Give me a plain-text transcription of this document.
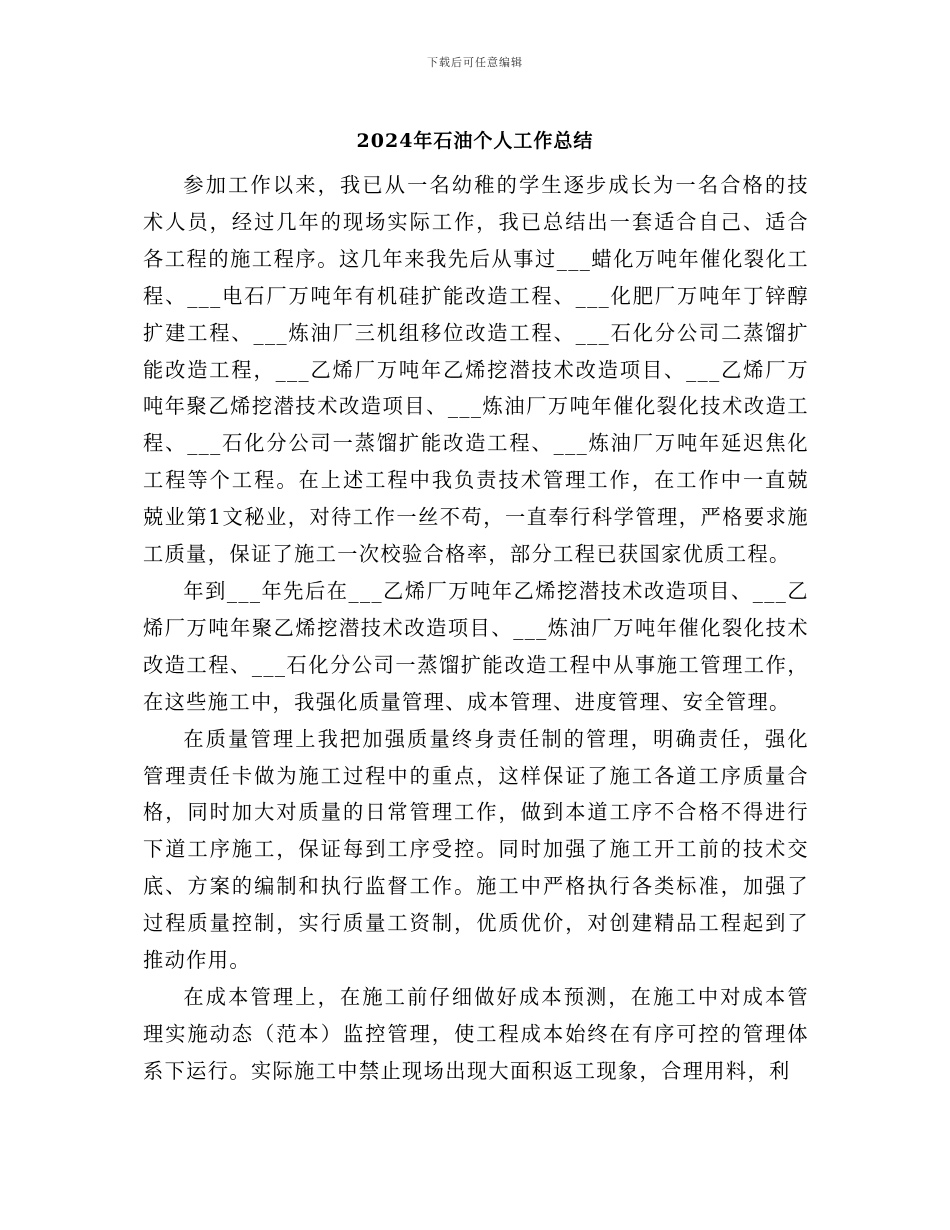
下载后可任意编辑
2024年石油个人工作总结

参加工作以来，我已从一名幼稚的学生逐步成长为一名合格的技术人员，经过几年的现场实际工作，我已总结出一套适合自己、适合各工程的施工程序。这几年来我先后从事过___蜡化万吨年催化裂化工程、___电石厂万吨年有机硅扩能改造工程、___化肥厂万吨年丁锌醇扩建工程、___炼油厂三机组移位改造工程、___石化分公司二蒸馏扩能改造工程，___乙烯厂万吨年乙烯挖潜技术改造项目、___乙烯厂万吨年聚乙烯挖潜技术改造项目、___炼油厂万吨年催化裂化技术改造工程、___石化分公司一蒸馏扩能改造工程、___炼油厂万吨年延迟焦化工程等个工程。在上述工程中我负责技术管理工作，在工作中一直兢兢业第1文秘业，对待工作一丝不苟，一直奉行科学管理，严格要求施工质量，保证了施工一次校验合格率，部分工程已获国家优质工程。

年到___年先后在___乙烯厂万吨年乙烯挖潜技术改造项目、___乙烯厂万吨年聚乙烯挖潜技术改造项目、___炼油厂万吨年催化裂化技术改造工程、___石化分公司一蒸馏扩能改造工程中从事施工管理工作，在这些施工中，我强化质量管理、成本管理、进度管理、安全管理。

在质量管理上我把加强质量终身责任制的管理，明确责任，强化管理责任卡做为施工过程中的重点，这样保证了施工各道工序质量合格，同时加大对质量的日常管理工作，做到本道工序不合格不得进行下道工序施工，保证每到工序受控。同时加强了施工开工前的技术交底、方案的编制和执行监督工作。施工中严格执行各类标准，加强了过程质量控制，实行质量工资制，优质优价，对创建精品工程起到了推动作用。

在成本管理上，在施工前仔细做好成本预测，在施工中对成本管理实施动态（范本）监控管理，使工程成本始终在有序可控的管理体系下运行。实际施工中禁止现场出现大面积返工现象，合理用料，利
